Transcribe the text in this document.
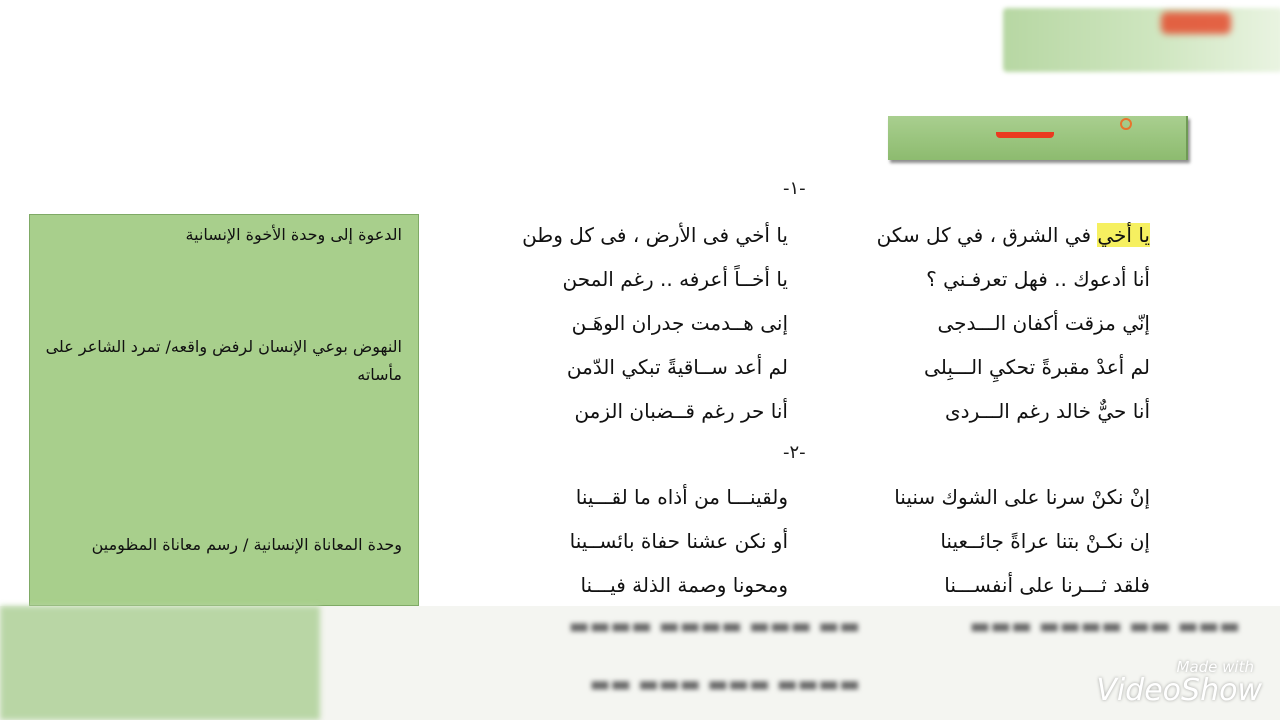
-١-
-٢-
يا أخي في الشرق ، في كل سكن
أنا أدعوك .. فهل تعرفـني ؟
إنّي مزقت أكفان الـــدجى
لم أعدْ مقبرةً تحكيِ الـــبِلى
أنا حيٌّ خالد رغم الـــردى
يا أخي فى الأرض ، فى كل وطن
يا أخــاً أعرفه .. رغم المحن
إنى هــدمت جدران الوهَـن
لم أعد ســاقيةً تبكي الدّمن
أنا حر رغم قــضبان الزمن
إنْ نكنْ سرنا على الشوك سنينا
إن نكـنْ بتنا عراةً جائــعينا
فلقد ثـــرنا على أنفســـنا
ولقينـــا من أذاه ما لقـــينا
أو نكن عشنا حفاة بائســينا
ومحونا وصمة الذلة فيـــنا
الدعوة إلى وحدة الأخوة الإنسانية
النهوض بوعي الإنسان لرفض واقعه/ تمرد الشاعر على مأساته
وحدة المعاناة الإنسانية / رسم معاناة المظومين
▬▬▬ ▬▬ ▬▬▬▬ ▬▬▬
▬▬ ▬▬▬ ▬▬▬▬ ▬▬▬▬
▬▬▬▬ ▬▬▬ ▬▬▬ ▬▬
Made with
VideoShow
